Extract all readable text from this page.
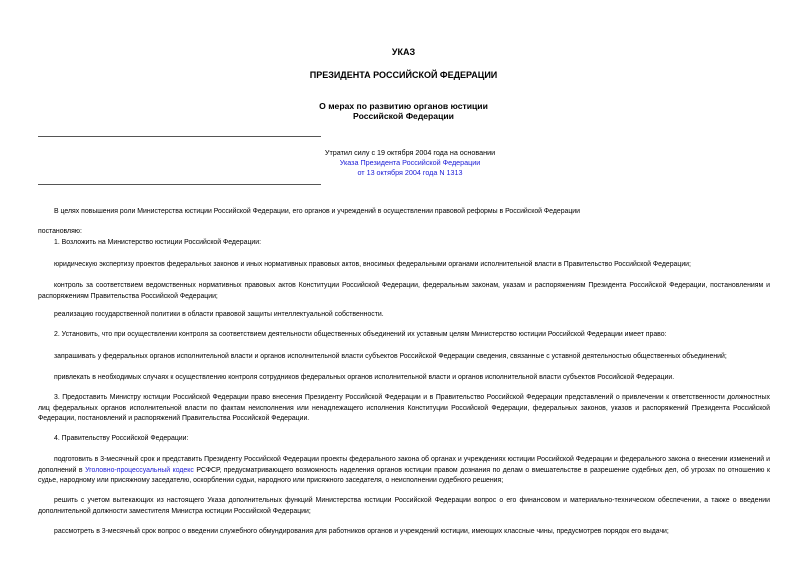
УКАЗ
ПРЕЗИДЕНТА РОССИЙСКОЙ ФЕДЕРАЦИИ
О мерах по развитию органов юстиции
Российской Федерации
Утратил силу с 19 октября 2004 года на основании
Указа Президента Российской Федерации
от 13 октября 2004 года N 1313
В целях повышения роли Министерства юстиции Российской Федерации, его органов и учреждений в осуществлении правовой реформы в Российской Федерации
постановляю:
1. Возложить на Министерство юстиции Российской Федерации:
юридическую экспертизу проектов федеральных законов и иных нормативных правовых актов, вносимых федеральными органами исполнительной власти в Правительство Российской Федерации;
контроль за соответствием ведомственных нормативных правовых актов Конституции Российской Федерации, федеральным законам, указам и распоряжениям Президента Российской Федерации, постановлениям и распоряжениям Правительства Российской Федерации;
реализацию государственной политики в области правовой защиты интеллектуальной собственности.
2. Установить, что при осуществлении контроля за соответствием деятельности общественных объединений их уставным целям Министерство юстиции Российской Федерации имеет право:
запрашивать у федеральных органов исполнительной власти и органов исполнительной власти субъектов Российской Федерации сведения, связанные с уставной деятельностью общественных объединений;
привлекать в необходимых случаях к осуществлению контроля сотрудников федеральных органов исполнительной власти и органов исполнительной власти субъектов Российской Федерации.
3. Предоставить Министру юстиции Российской Федерации право внесения Президенту Российской Федерации и в Правительство Российской Федерации представлений о привлечении к ответственности должностных лиц федеральных органов исполнительной власти по фактам неисполнения или ненадлежащего исполнения Конституции Российской Федерации, федеральных законов, указов и распоряжений Президента Российской Федерации, постановлений и распоряжений Правительства Российской Федерации.
4. Правительству Российской Федерации:
подготовить в 3-месячный срок и представить Президенту Российской Федерации проекты федерального закона об органах и учреждениях юстиции Российской Федерации и федерального закона о внесении изменений и дополнений в Уголовно-процессуальный кодекс РСФСР, предусматривающего возможность наделения органов юстиции правом дознания по делам о вмешательстве в разрешение судебных дел, об угрозах по отношению к судье, народному или присяжному заседателю, оскорблении судьи, народного или присяжного заседателя, о неисполнении судебного решения;
решить с учетом вытекающих из настоящего Указа дополнительных функций Министерства юстиции Российской Федерации вопрос о его финансовом и материально-техническом обеспечении, а также о введении дополнительной должности заместителя Министра юстиции Российской Федерации;
рассмотреть в 3-месячный срок вопрос о введении служебного обмундирования для работников органов и учреждений юстиции, имеющих классные чины, предусмотрев порядок его выдачи;
